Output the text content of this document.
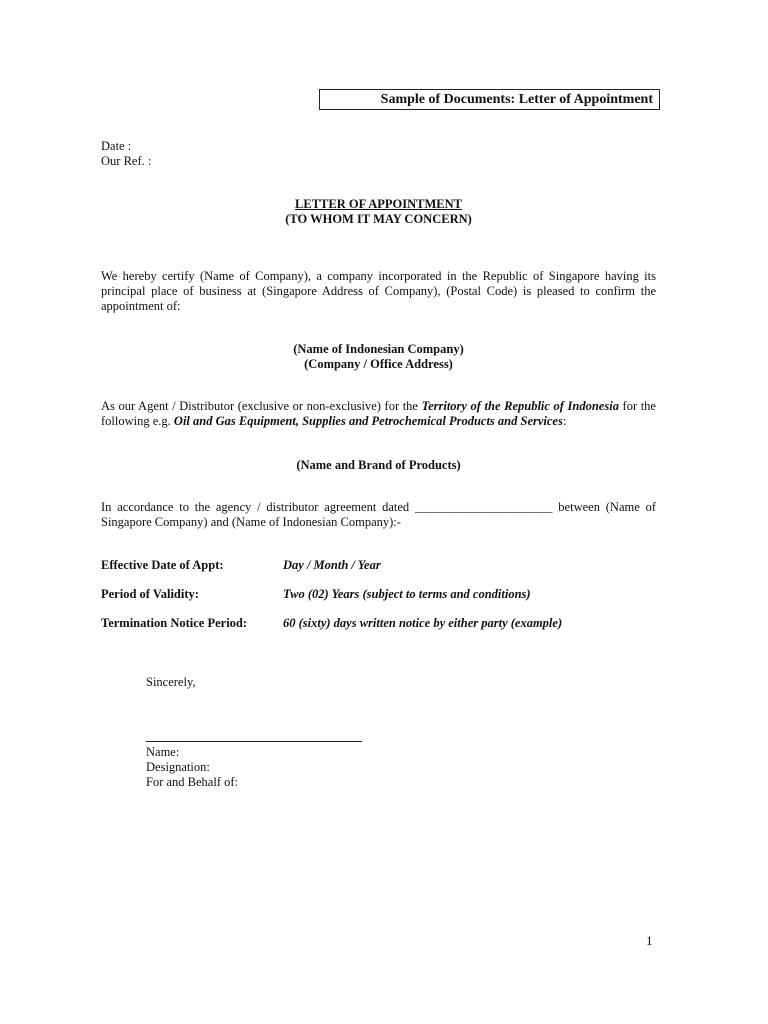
Sample of Documents: Letter of Appointment
Date :
Our Ref. :
LETTER OF APPOINTMENT
(TO WHOM IT MAY CONCERN)

We hereby certify (Name of Company), a company incorporated in the Republic of Singapore having its principal place of business at (Singapore Address of Company), (Postal Code) is pleased to confirm the appointment of:

(Name of Indonesian Company)
(Company / Office Address)

As our Agent / Distributor (exclusive or non-exclusive) for the Territory of the Republic of Indonesia for the following e.g. Oil and Gas Equipment, Supplies and Petrochemical Products and Services:

(Name and Brand of Products)

In accordance to the agency / distributor agreement dated ______________________ between (Name of Singapore Company) and (Name of Indonesian Company):-

Effective Date of Appt:	Day / Month / Year
Period of Validity:	Two (02) Years (subject to terms and conditions)
Termination Notice Period:	60 (sixty) days written notice by either party (example)
Sincerely,
Name:
Designation:
For and Behalf of:
1
